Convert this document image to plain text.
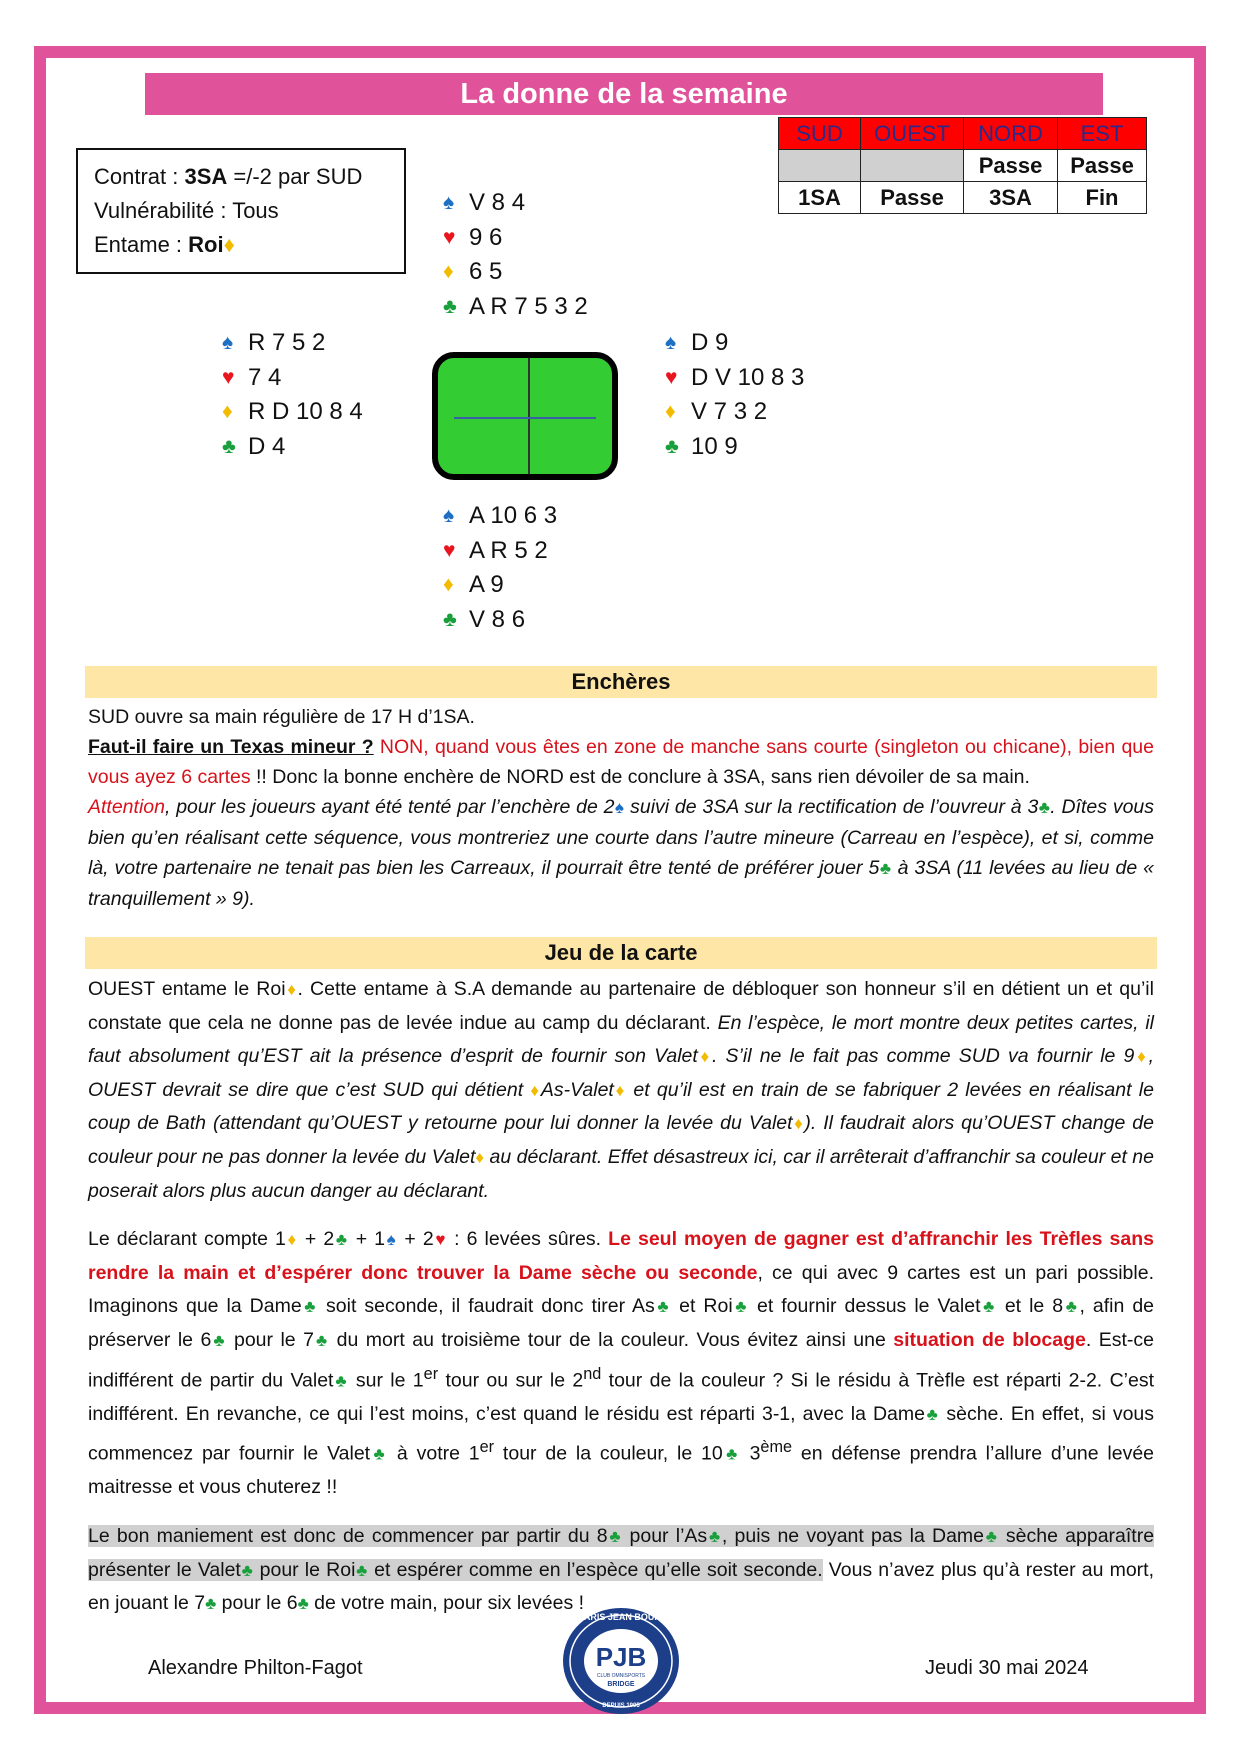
La donne de la semaine
Contrat : 3SA =/-2 par SUD
Vulnérabilité : Tous
Entame : Roi♦
SUD	OUEST	NORD	EST
		Passe	Passe
1SA	Passe	3SA	Fin
♠ V 8 4
♥ 9 6
♦ 6 5
♣ A R 7 5 3 2
♠ R 7 5 2
♥ 7 4
♦ R D 10 8 4
♣ D 4
♠ D 9
♥ D V 10 8 3
♦ V 7 3 2
♣ 10 9
♠ A 10 6 3
♥ A R 5 2
♦ A 9
♣ V 8 6
Enchères

SUD ouvre sa main régulière de 17 H d’1SA.

Faut-il faire un Texas mineur ? NON, quand vous êtes en zone de manche sans courte (singleton ou chicane), bien que vous ayez 6 cartes !! Donc la bonne enchère de NORD est de conclure à 3SA, sans rien dévoiler de sa main.

Attention, pour les joueurs ayant été tenté par l’enchère de 2♠ suivi de 3SA sur la rectification de l’ouvreur à 3♣. Dîtes vous bien qu’en réalisant cette séquence, vous montreriez une courte dans l’autre mineure (Carreau en l’espèce), et si, comme là, votre partenaire ne tenait pas bien les Carreaux, il pourrait être tenté de préférer jouer 5♣ à 3SA (11 levées au lieu de « tranquillement » 9).

Jeu de la carte

OUEST entame le Roi♦. Cette entame à S.A demande au partenaire de débloquer son honneur s’il en détient un et qu’il constate que cela ne donne pas de levée indue au camp du déclarant. En l’espèce, le mort montre deux petites cartes, il faut absolument qu’EST ait la présence d’esprit de fournir son Valet♦. S’il ne le fait pas comme SUD va fournir le 9♦, OUEST devrait se dire que c’est SUD qui détient ♦As-Valet♦ et qu’il est en train de se fabriquer 2 levées en réalisant le coup de Bath (attendant qu’OUEST y retourne pour lui donner la levée du Valet♦). Il faudrait alors qu’OUEST change de couleur pour ne pas donner la levée du Valet♦ au déclarant. Effet désastreux ici, car il arrêterait d’affranchir sa couleur et ne poserait alors plus aucun danger au déclarant.

Le déclarant compte 1♦ + 2♣ + 1♠ + 2♥ : 6 levées sûres. Le seul moyen de gagner est d’affranchir les Trèfles sans rendre la main et d’espérer donc trouver la Dame sèche ou seconde, ce qui avec 9 cartes est un pari possible. Imaginons que la Dame♣ soit seconde, il faudrait donc tirer As♣ et Roi♣ et fournir dessus le Valet♣ et le 8♣, afin de préserver le 6♣ pour le 7♣ du mort au troisième tour de la couleur. Vous évitez ainsi une situation de blocage. Est-ce indifférent de partir du Valet♣ sur le 1er tour ou sur le 2nd tour de la couleur ? Si le résidu à Trèfle est réparti 2-2. C’est indifférent. En revanche, ce qui l’est moins, c’est quand le résidu est réparti 3-1, avec la Dame♣ sèche. En effet, si vous commencez par fournir le Valet♣ à votre 1er tour de la couleur, le 10♣ 3ème en défense prendra l’allure d’une levée maitresse et vous chuterez !!

Le bon maniement est donc de commencer par partir du 8♣ pour l’As♣, puis ne voyant pas la Dame♣ sèche apparaître présenter le Valet♣ pour le Roi♣ et espérer comme en l’espèce qu’elle soit seconde. Vous n’avez plus qu’à rester au mort, en jouant le 7♣ pour le 6♣ de votre main, pour six levées !

Alexandre Philton-Fagot	Jeudi 30 mai 2024
PARIS JEAN BOUIN
PJB
CLUB OMNISPORTS
BRIDGE
DEPUIS 1905
